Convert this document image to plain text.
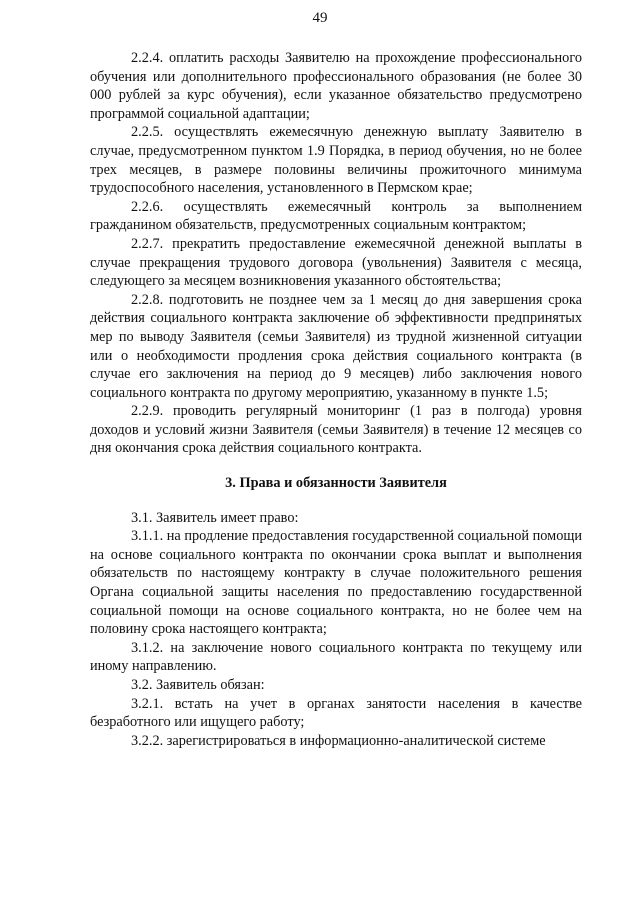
49

2.2.4. оплатить расходы Заявителю на прохождение профессионального обучения или дополнительного профессионального образования (не более 30 000 рублей за курс обучения), если указанное обязательство предусмотрено программой социальной адаптации;

2.2.5. осуществлять ежемесячную денежную выплату Заявителю в случае, предусмотренном пунктом 1.9 Порядка, в период обучения, но не более трех месяцев, в размере половины величины прожиточного минимума трудоспособного населения, установленного в Пермском крае;

2.2.6. осуществлять ежемесячный контроль за выполнением гражданином обязательств, предусмотренных социальным контрактом;

2.2.7. прекратить предоставление ежемесячной денежной выплаты в случае прекращения трудового договора (увольнения) Заявителя с месяца, следующего за месяцем возникновения указанного обстоятельства;

2.2.8. подготовить не позднее чем за 1 месяц до дня завершения срока действия социального контракта заключение об эффективности предпринятых мер по выводу Заявителя (семьи Заявителя) из трудной жизненной ситуации или о необходимости продления срока действия социального контракта (в случае его заключения на период до 9 месяцев) либо заключения нового социального контракта по другому мероприятию, указанному в пункте 1.5;

2.2.9. проводить регулярный мониторинг (1 раз в полгода) уровня доходов и условий жизни Заявителя (семьи Заявителя) в течение 12 месяцев со дня окончания срока действия социального контракта.

3. Права и обязанности Заявителя

3.1. Заявитель имеет право:

3.1.1. на продление предоставления государственной социальной помощи на основе социального контракта по окончании срока выплат и выполнения обязательств по настоящему контракту в случае положительного решения Органа социальной защиты населения по предоставлению государственной социальной помощи на основе социального контракта, но не более чем на половину срока настоящего контракта;

3.1.2. на заключение нового социального контракта по текущему или иному направлению.

3.2. Заявитель обязан:

3.2.1. встать на учет в органах занятости населения в качестве безработного или ищущего работу;

3.2.2. зарегистрироваться в информационно-аналитической системе
